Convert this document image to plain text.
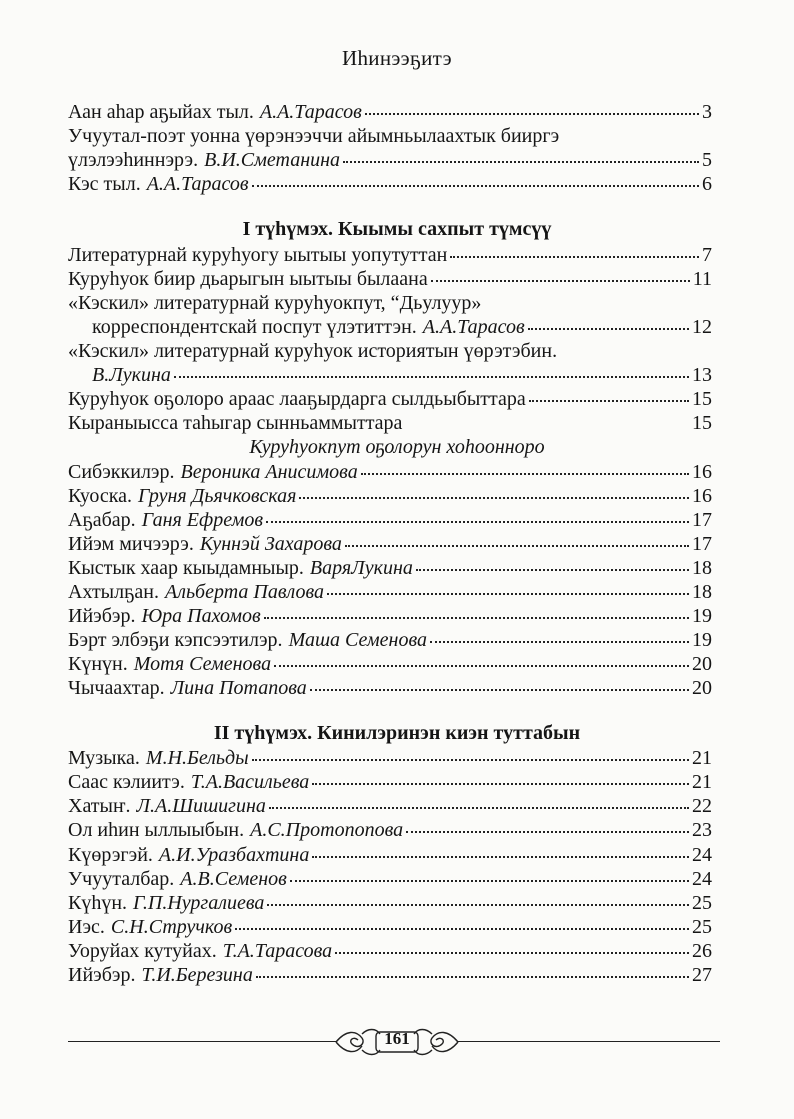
Иhинээҕитэ
Аан аhар аҕыйах тыл. А.А.Тарасов	3
Учуутал-поэт уонна үөрэнээччи айымньылаахтык бииргэ
үлэлээhиннэрэ. В.И.Сметанина	5
Кэс тыл. А.А.Тарасов	6
I түhүмэх. Кыымы сахпыт түмсүү
Литературнай куруhуогу ыытыы уопутуттан	7
Куруhуок биир дьарыгын ыытыы былаана	11
«Кэскил» литературнай куруhуокпут, “Дьулуур»
корреспондентскай поспут үлэтиттэн. А.А.Тарасов	12
«Кэскил» литературнай куруhуок историятын үөрэтэбин.
В.Лукина	13
Куруhуок оҕолоро араас лааҕырдарга сылдьыбыттара	15
Кыраныысса таhыгар сынньаммыттара	15
Куруhуокпут оҕолорун хоhоонноро
Сибэккилэр. Вероника Анисимова	16
Куоска. Груня Дьячковская	16
Аҕабар. Ганя Ефремов	17
Ийэм мичээрэ. Куннэй Захарова	17
Кыстык хаар кыыдамныыр. ВаряЛукина	18
Ахтылҕан. Альберта Павлова	18
Ийэбэр. Юра Пахомов	19
Бэрт элбэҕи кэпсээтилэр. Маша Семенова	19
Күнүн. Мотя Семенова	20
Чычаахтар. Лина Потапова	20
II түhүмэх. Кинилэринэн киэн туттабын
Музыка. М.Н.Бельды	21
Саас кэлиитэ. Т.А.Васильева	21
Хатыҥ. Л.А.Шишигина	22
Ол иhин ыллыыбын. А.С.Протопопова	23
Күөрэгэй. А.И.Уразбахтина	24
Учууталбар. А.В.Семенов	24
Күhүн. Г.П.Нургалиева	25
Иэс. С.Н.Стручков	25
Уоруйах кутуйах. Т.А.Тарасова	26
Ийэбэр. Т.И.Березина	27
161
